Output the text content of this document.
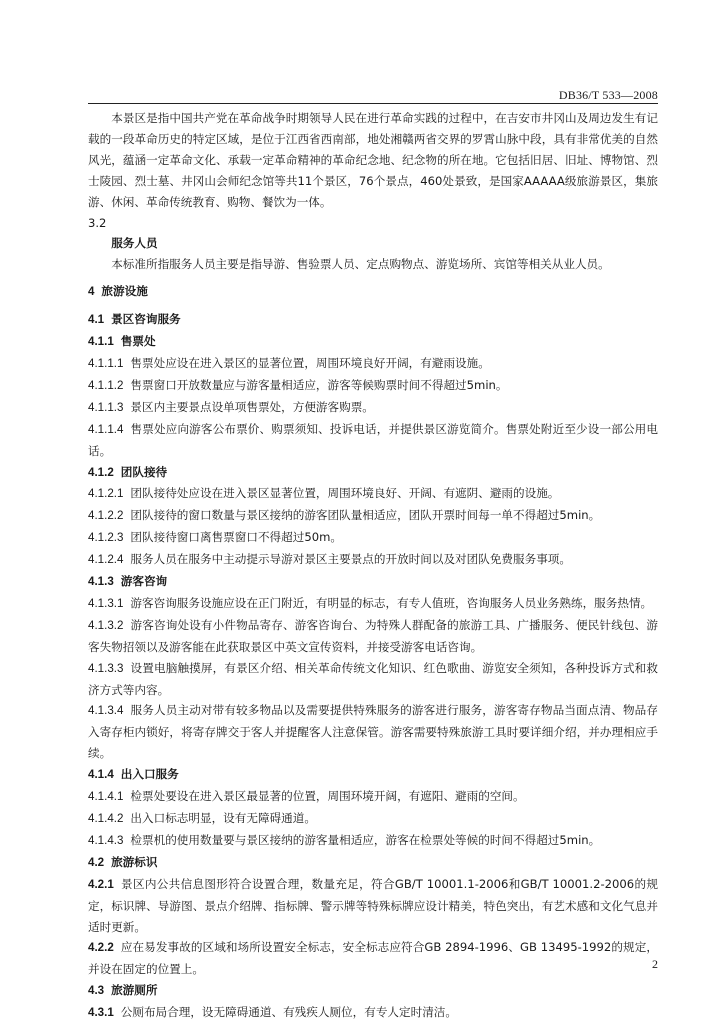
DB36/T 533—2008

本景区是指中国共产党在革命战争时期领导人民在进行革命实践的过程中，在吉安市井冈山及周边发生有记载的一段革命历史的特定区域，是位于江西省西南部，地处湘赣两省交界的罗霄山脉中段，具有非常优美的自然风光，蕴涵一定革命文化、承载一定革命精神的革命纪念地、纪念物的所在地。它包括旧居、旧址、博物馆、烈士陵园、烈士墓、井冈山会师纪念馆等共11个景区，76个景点，460处景致，是国家AAAAA级旅游景区，集旅游、休闲、革命传统教育、购物、餐饮为一体。

3.2

服务人员

本标准所指服务人员主要是指导游、售验票人员、定点购物点、游览场所、宾馆等相关从业人员。

4 旅游设施

4.1 景区咨询服务

4.1.1 售票处

4.1.1.1 售票处应设在进入景区的显著位置，周围环境良好开阔，有避雨设施。

4.1.1.2 售票窗口开放数量应与游客量相适应，游客等候购票时间不得超过5min。

4.1.1.3 景区内主要景点设单项售票处，方便游客购票。

4.1.1.4 售票处应向游客公布票价、购票须知、投诉电话，并提供景区游览简介。售票处附近至少设一部公用电话。

4.1.2 团队接待

4.1.2.1 团队接待处应设在进入景区显著位置，周围环境良好、开阔、有遮阴、避雨的设施。

4.1.2.2 团队接待的窗口数量与景区接纳的游客团队量相适应，团队开票时间每一单不得超过5min。

4.1.2.3 团队接待窗口离售票窗口不得超过50m。

4.1.2.4 服务人员在服务中主动提示导游对景区主要景点的开放时间以及对团队免费服务事项。

4.1.3 游客咨询

4.1.3.1 游客咨询服务设施应设在正门附近，有明显的标志，有专人值班，咨询服务人员业务熟练，服务热情。

4.1.3.2 游客咨询处设有小件物品寄存、游客咨询台、为特殊人群配备的旅游工具、广播服务、便民针线包、游客失物招领以及游客能在此获取景区中英文宣传资料，并接受游客电话咨询。

4.1.3.3 设置电脑触摸屏，有景区介绍、相关革命传统文化知识、红色歌曲、游览安全须知，各种投诉方式和救济方式等内容。

4.1.3.4 服务人员主动对带有较多物品以及需要提供特殊服务的游客进行服务，游客寄存物品当面点清、物品存入寄存柜内锁好，将寄存牌交于客人并提醒客人注意保管。游客需要特殊旅游工具时要详细介绍，并办理相应手续。

4.1.4 出入口服务

4.1.4.1 检票处要设在进入景区最显著的位置，周围环境开阔，有遮阳、避雨的空间。

4.1.4.2 出入口标志明显，设有无障碍通道。

4.1.4.3 检票机的使用数量要与景区接纳的游客量相适应，游客在检票处等候的时间不得超过5min。

4.2 旅游标识

4.2.1 景区内公共信息图形符合设置合理，数量充足，符合GB/T 10001.1-2006和GB/T 10001.2-2006的规定，标识牌、导游图、景点介绍牌、指标牌、警示牌等特殊标牌应设计精美，特色突出，有艺术感和文化气息并适时更新。

4.2.2 应在易发事故的区域和场所设置安全标志，安全标志应符合GB 2894-1996、GB 13495-1992的规定，并设在固定的位置上。

4.3 旅游厕所

4.3.1 公厕布局合理，设无障碍通道、有残疾人厕位，有专人定时清洁。

2
